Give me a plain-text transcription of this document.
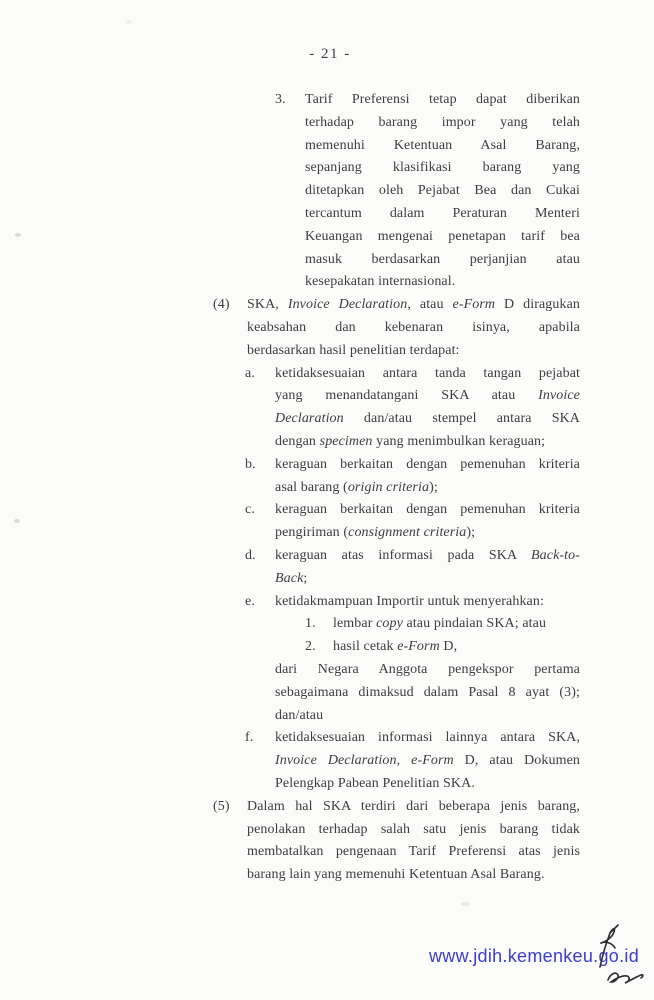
- 21 -
3. Tarif Preferensi tetap dapat diberikan
terhadap barang impor yang telah
memenuhi Ketentuan Asal Barang,
sepanjang klasifikasi barang yang
ditetapkan oleh Pejabat Bea dan Cukai
tercantum dalam Peraturan Menteri
Keuangan mengenai penetapan tarif bea
masuk berdasarkan perjanjian atau
kesepakatan internasional.
(4) SKA, Invoice Declaration, atau e-Form D diragukan
keabsahan dan kebenaran isinya, apabila
berdasarkan hasil penelitian terdapat:
a. ketidaksesuaian antara tanda tangan pejabat
yang menandatangani SKA atau Invoice
Declaration dan/atau stempel antara SKA
dengan specimen yang menimbulkan keraguan;
b. keraguan berkaitan dengan pemenuhan kriteria
asal barang (origin criteria);
c. keraguan berkaitan dengan pemenuhan kriteria
pengiriman (consignment criteria);
d. keraguan atas informasi pada SKA Back-to-
Back;
e. ketidakmampuan Importir untuk menyerahkan:
1. lembar copy atau pindaian SKA; atau
2. hasil cetak e-Form D,
dari Negara Anggota pengekspor pertama
sebagaimana dimaksud dalam Pasal 8 ayat (3);
dan/atau
f. ketidaksesuaian informasi lainnya antara SKA,
Invoice Declaration, e-Form D, atau Dokumen
Pelengkap Pabean Penelitian SKA.
(5) Dalam hal SKA terdiri dari beberapa jenis barang,
penolakan terhadap salah satu jenis barang tidak
membatalkan pengenaan Tarif Preferensi atas jenis
barang lain yang memenuhi Ketentuan Asal Barang.
www.jdih.kemenkeu.go.id
